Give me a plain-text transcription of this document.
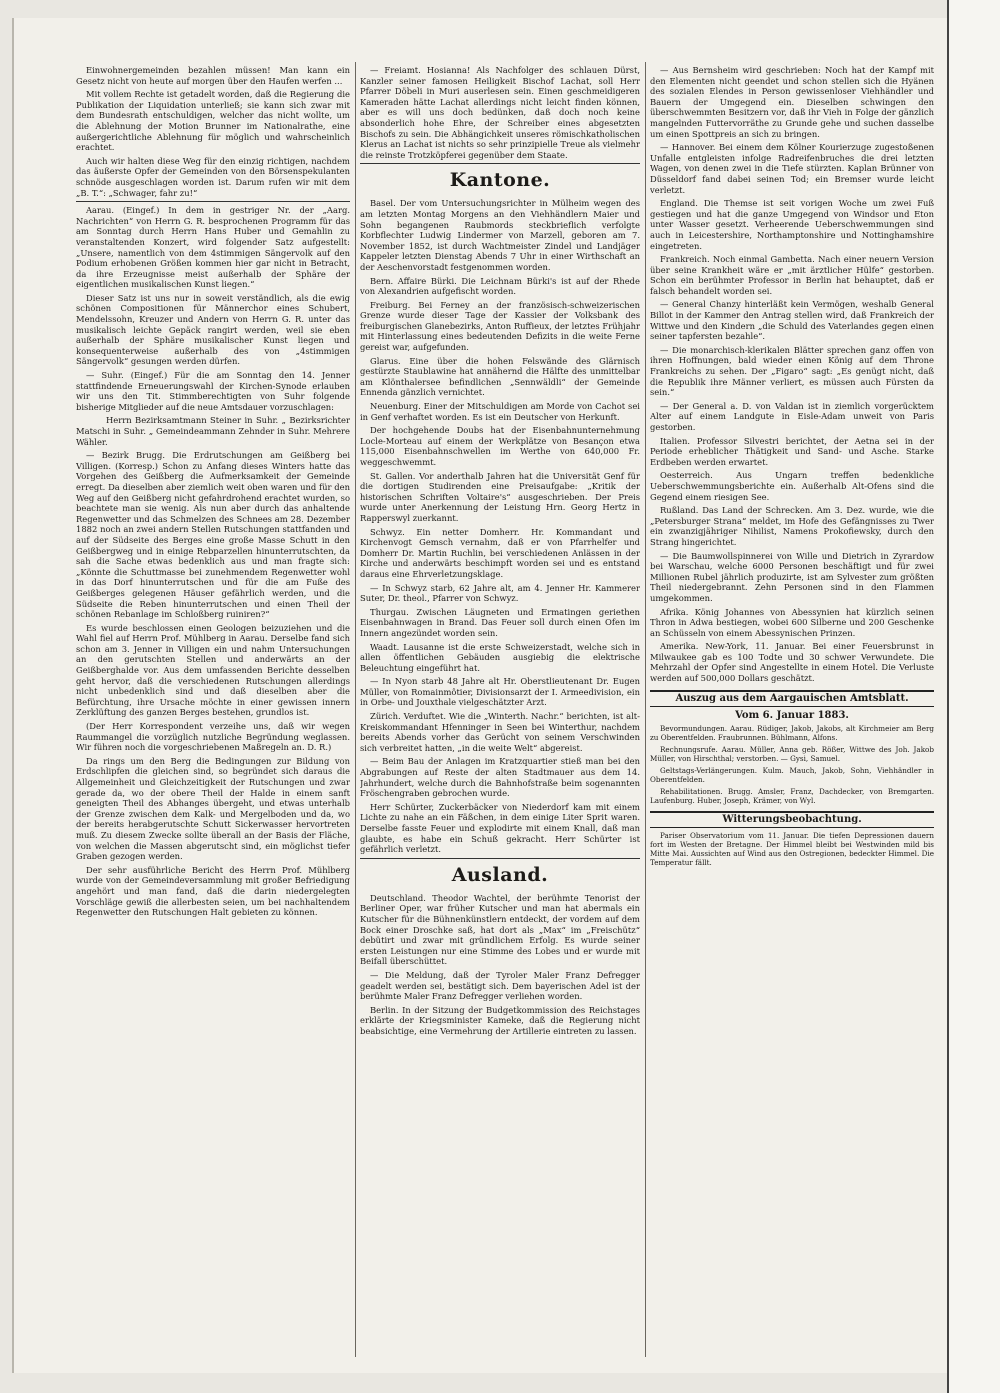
Einwohnergemeinden bezahlen müssen! Man kann ein Gesetz nicht von heute auf morgen über den Haufen werfen ...

Mit vollem Rechte ist getadelt worden, daß die Regierung die Publikation der Liquidation unterließ; sie kann sich zwar mit dem Bundesrath entschuldigen, welcher das nicht wollte, um die Ablehnung der Motion Brunner im Nationalrathe, eine außergerichtliche Ablehnung für möglich und wahrscheinlich erachtet.

Auch wir halten diese Weg für den einzig richtigen, nachdem das äußerste Opfer der Gemeinden von den Börsenspekulanten schnöde ausgeschlagen worden ist. Darum rufen wir mit dem „B. T.“: „Schwager, fahr zu!“

Aarau. (Eingef.) In dem in gestriger Nr. der „Aarg. Nachrichten“ von Herrn G. R. besprochenen Programm für das am Sonntag durch Herrn Hans Huber und Gemahlin zu veranstaltenden Konzert, wird folgender Satz aufgestellt: „Unsere, namentlich von dem 4stimmigen Sängervolk auf den Podium erhobenen Größen kommen hier gar nicht in Betracht, da ihre Erzeugnisse meist außerhalb der Sphäre der eigentlichen musikalischen Kunst liegen.“

Dieser Satz ist uns nur in soweit verständlich, als die ewig schönen Compositionen für Männerchor eines Schubert, Mendelssohn, Kreuzer und Andern von Herrn G. R. unter das musikalisch leichte Gepäck rangirt werden, weil sie eben außerhalb der Sphäre musikalischer Kunst liegen und konsequenterweise außerhalb des von „4stimmigen Sängervolk“ gesungen werden dürfen.

— Suhr. (Eingef.) Für die am Sonntag den 14. Jenner stattfindende Erneuerungswahl der Kirchen-Synode erlauben wir uns den Tit. Stimmberechtigten von Suhr folgende bisherige Mitglieder auf die neue Amtsdauer vorzuschlagen:

Herrn Bezirksamtmann Steiner in Suhr. „ Bezirksrichter Matschi in Suhr. „ Gemeindeammann Zehnder in Suhr. Mehrere Wähler.

— Bezirk Brugg. Die Erdrutschungen am Geißberg bei Villigen. (Korresp.) Schon zu Anfang dieses Winters hatte das Vorgehen des Geißberg die Aufmerksamkeit der Gemeinde erregt. Da dieselben aber ziemlich weit oben waren und für den Weg auf den Geißberg nicht gefahrdrohend erachtet wurden, so beachtete man sie wenig. Als nun aber durch das anhaltende Regenwetter und das Schmelzen des Schnees am 28. Dezember 1882 noch an zwei andern Stellen Rutschungen stattfanden und auf der Südseite des Berges eine große Masse Schutt in den Geißbergweg und in einige Rebparzellen hinunterrutschten, da sah die Sache etwas bedenklich aus und man fragte sich: „Könnte die Schuttmasse bei zunehmendem Regenwetter wohl in das Dorf hinunterrutschen und für die am Fuße des Geißberges gelegenen Häuser gefährlich werden, und die Südseite die Reben hinunterrutschen und einen Theil der schönen Rebanlage im Schloßberg ruiniren?“

Es wurde beschlossen einen Geologen beizuziehen und die Wahl fiel auf Herrn Prof. Mühlberg in Aarau. Derselbe fand sich schon am 3. Jenner in Villigen ein und nahm Untersuchungen an den gerutschten Stellen und anderwärts an der Geißberghalde vor. Aus dem umfassenden Berichte desselben geht hervor, daß die verschiedenen Rutschungen allerdings nicht unbedenklich sind und daß dieselben aber die Befürchtung, ihre Ursache möchte in einer gewissen innern Zerklüftung des ganzen Berges bestehen, grundlos ist.

(Der Herr Korrespondent verzeihe uns, daß wir wegen Raummangel die vorzüglich nutzliche Begründung weglassen. Wir führen noch die vorgeschriebenen Maßregeln an. D. R.)

Da rings um den Berg die Bedingungen zur Bildung von Erdschlipfen die gleichen sind, so begründet sich daraus die Allgemeinheit und Gleichzeitigkeit der Rutschungen und zwar gerade da, wo der obere Theil der Halde in einem sanft geneigten Theil des Abhanges übergeht, und etwas unterhalb der Grenze zwischen dem Kalk- und Mergelboden und da, wo der bereits herabgerutschte Schutt Sickerwasser hervortreten muß. Zu diesem Zwecke sollte überall an der Basis der Fläche, von welchen die Massen abgerutscht sind, ein möglichst tiefer Graben gezogen werden.

Der sehr ausführliche Bericht des Herrn Prof. Mühlberg wurde von der Gemeindeversammlung mit großer Befriedigung angehört und man fand, daß die darin niedergelegten Vorschläge gewiß die allerbesten seien, um bei nachhaltendem Regenwetter den Rutschungen Halt gebieten zu können.

— Freiamt. Hosianna! Als Nachfolger des schlauen Dürst, Kanzler seiner famosen Heiligkeit Bischof Lachat, soll Herr Pfarrer Döbeli in Muri auserlesen sein. Einen geschmeidigeren Kameraden hätte Lachat allerdings nicht leicht finden können, aber es will uns doch bedünken, daß doch noch keine absonderlich hohe Ehre, der Schreiber eines abgesetzten Bischofs zu sein. Die Abhängichkeit unseres römischkatholischen Klerus an Lachat ist nichts so sehr prinzipielle Treue als vielmehr die reinste Trotzköpferei gegenüber dem Staate.

Kantone.

Basel. Der vom Untersuchungsrichter in Mülheim wegen des am letzten Montag Morgens an den Viehhändlern Maier und Sohn begangenen Raubmords steckbrieflich verfolgte Korbflechter Ludwig Lindermer von Marzell, geboren am 7. November 1852, ist durch Wachtmeister Zindel und Landjäger Kappeler letzten Dienstag Abends 7 Uhr in einer Wirthschaft an der Aeschenvorstadt festgenommen worden.

Bern. Affaire Bürki. Die Leichnam Bürki's ist auf der Rhede von Alexandrien aufgefischt worden.

Freiburg. Bei Ferney an der französisch-schweizerischen Grenze wurde dieser Tage der Kassier der Volksbank des freiburgischen Glanebezirks, Anton Ruffieux, der letztes Frühjahr mit Hinterlassung eines bedeutenden Defizits in die weite Ferne gereist war, aufgefunden.

Glarus. Eine über die hohen Felswände des Glärnisch gestürzte Staublawine hat annähernd die Hälfte des unmittelbar am Klönthalersee befindlichen „Sennwäldli“ der Gemeinde Ennenda gänzlich vernichtet.

Neuenburg. Einer der Mitschuldigen am Morde von Cachot sei in Genf verhaftet worden. Es ist ein Deutscher von Herkunft.

Der hochgehende Doubs hat der Eisenbahnunternehmung Locle-Morteau auf einem der Werkplätze von Besançon etwa 115,000 Eisenbahnschwellen im Werthe von 640,000 Fr. weggeschwemmt.

St. Gallen. Vor anderthalb Jahren hat die Universität Genf für die dortigen Studirenden eine Preisaufgabe: „Kritik der historischen Schriften Voltaire's“ ausgeschrieben. Der Preis wurde unter Anerkennung der Leistung Hrn. Georg Hertz in Rapperswyl zuerkannt.

Schwyz. Ein netter Domherr. Hr. Kommandant und Kirchenvogt Gemsch vernahm, daß er von Pfarrhelfer und Domherr Dr. Martin Ruchlin, bei verschiedenen Anlässen in der Kirche und anderwärts beschimpft worden sei und es entstand daraus eine Ehrverletzungsklage.

— In Schwyz starb, 62 Jahre alt, am 4. Jenner Hr. Kammerer Suter, Dr. theol., Pfarrer von Schwyz.

Thurgau. Zwischen Läugneten und Ermatingen geriethen Eisenbahnwagen in Brand. Das Feuer soll durch einen Ofen im Innern angezündet worden sein.

Waadt. Lausanne ist die erste Schweizerstadt, welche sich in allen öffentlichen Gebäuden ausgiebig die elektrische Beleuchtung eingeführt hat.

— In Nyon starb 48 Jahre alt Hr. Oberstlieutenant Dr. Eugen Müller, von Romainmôtier, Divisionsarzt der I. Armeedivision, ein in Orbe- und Jouxthale vielgeschätzter Arzt.

Zürich. Verduftet. Wie die „Winterth. Nachr.“ berichten, ist alt-Kreiskommandant Hfenninger in Seen bei Winterthur, nachdem bereits Abends vorher das Gerücht von seinem Verschwinden sich verbreitet hatten, „in die weite Welt“ abgereist.

— Beim Bau der Anlagen im Kratzquartier stieß man bei den Abgrabungen auf Reste der alten Stadtmauer aus dem 14. Jahrhundert, welche durch die Bahnhofstraße beim sogenannten Fröschengraben gebrochen wurde.

Herr Schürter, Zuckerbäcker von Niederdorf kam mit einem Lichte zu nahe an ein Fäßchen, in dem einige Liter Sprit waren. Derselbe fasste Feuer und explodirte mit einem Knall, daß man glaubte, es habe ein Schuß gekracht. Herr Schürter ist gefährlich verletzt.

Ausland.

Deutschland. Theodor Wachtel, der berühmte Tenorist der Berliner Oper, war früher Kutscher und man hat abermals ein Kutscher für die Bühnenkünstlern entdeckt, der vordem auf dem Bock einer Droschke saß, hat dort als „Max“ im „Freischütz“ debütirt und zwar mit gründlichem Erfolg. Es wurde seiner ersten Leistungen nur eine Stimme des Lobes und er wurde mit Beifall überschüttet.

— Die Meldung, daß der Tyroler Maler Franz Defregger geadelt werden sei, bestätigt sich. Dem bayerischen Adel ist der berühmte Maler Franz Defregger verliehen worden.

Berlin. In der Sitzung der Budgetkommission des Reichstages erklärte der Kriegsminister Kameke, daß die Regierung nicht beabsichtige, eine Vermehrung der Artillerie eintreten zu lassen.

— Aus Bernsheim wird geschrieben: Noch hat der Kampf mit den Elementen nicht geendet und schon stellen sich die Hyänen des sozialen Elendes in Person gewissenloser Viehhändler und Bauern der Umgegend ein. Dieselben schwingen den überschwemmten Besitzern vor, daß ihr Vieh in Folge der gänzlich mangelnden Futtervorräthe zu Grunde gehe und suchen dasselbe um einen Spottpreis an sich zu bringen.

— Hannover. Bei einem dem Kölner Kourierzuge zugestoßenen Unfalle entgleisten infolge Radreifenbruches die drei letzten Wagen, von denen zwei in die Tiefe stürzten. Kaplan Brünner von Düsseldorf fand dabei seinen Tod; ein Bremser wurde leicht verletzt.

England. Die Themse ist seit vorigen Woche um zwei Fuß gestiegen und hat die ganze Umgegend von Windsor und Eton unter Wasser gesetzt. Verheerende Ueberschwemmungen sind auch in Leicestershire, Northamptonshire und Nottinghamshire eingetreten.

Frankreich. Noch einmal Gambetta. Nach einer neuern Version über seine Krankheit wäre er „mit ärztlicher Hülfe“ gestorben. Schon ein berühmter Professor in Berlin hat behauptet, daß er falsch behandelt worden sei.

— General Chanzy hinterläßt kein Vermögen, weshalb General Billot in der Kammer den Antrag stellen wird, daß Frankreich der Wittwe und den Kindern „die Schuld des Vaterlandes gegen einen seiner tapfersten bezahle“.

— Die monarchisch-klerikalen Blätter sprechen ganz offen von ihren Hoffnungen, bald wieder einen König auf dem Throne Frankreichs zu sehen. Der „Figaro“ sagt: „Es genügt nicht, daß die Republik ihre Männer verliert, es müssen auch Fürsten da sein.“

— Der General a. D. von Valdan ist in ziemlich vorgerücktem Alter auf einem Landgute in Eisle-Adam unweit von Paris gestorben.

Italien. Professor Silvestri berichtet, der Aetna sei in der Periode erheblicher Thätigkeit und Sand- und Asche. Starke Erdbeben werden erwartet.

Oesterreich. Aus Ungarn treffen bedenkliche Ueberschwemmungsberichte ein. Außerhalb Alt-Ofens sind die Gegend einem riesigen See.

Rußland. Das Land der Schrecken. Am 3. Dez. wurde, wie die „Petersburger Strana“ meldet, im Hofe des Gefängnisses zu Twer ein zwanzigjähriger Nihilist, Namens Prokofiewsky, durch den Strang hingerichtet.

— Die Baumwollspinnerei von Wille und Dietrich in Zyrardow bei Warschau, welche 6000 Personen beschäftigt und für zwei Millionen Rubel jährlich produzirte, ist am Sylvester zum größten Theil niedergebrannt. Zehn Personen sind in den Flammen umgekommen.

Afrika. König Johannes von Abessynien hat kürzlich seinen Thron in Adwa bestiegen, wobei 600 Silberne und 200 Geschenke an Schüsseln von einem Abessynischen Prinzen.

Amerika. New-York, 11. Januar. Bei einer Feuersbrunst in Milwaukee gab es 100 Todte und 30 schwer Verwundete. Die Mehrzahl der Opfer sind Angestellte in einem Hotel. Die Verluste werden auf 500,000 Dollars geschätzt.

Auszug aus dem Aargauischen Amtsblatt.
Vom 6. Januar 1883.

Bevormundungen. Aarau. Rüdiger, Jakob, Jakobs, alt Kirchmeier am Berg zu Oberentfelden. Fraubrunnen. Bühlmann, Alfons.

Rechnungsrufe. Aarau. Müller, Anna geb. Rößer, Wittwe des Joh. Jakob Müller, von Hirschthal; verstorben. — Gysi, Samuel.

Geltstags-Verlängerungen. Kulm. Mauch, Jakob, Sohn, Viehhändler in Oberentfelden.

Rehabilitationen. Brugg. Amsler, Franz, Dachdecker, von Bremgarten. Laufenburg. Huber, Joseph, Krämer, von Wyl.

Witterungsbeobachtung.

Pariser Observatorium vom 11. Januar. Die tiefen Depressionen dauern fort im Westen der Bretagne. Der Himmel bleibt bei Westwinden mild bis Mitte Mai. Aussichten auf Wind aus den Ostregionen, bedeckter Himmel. Die Temperatur fällt.
